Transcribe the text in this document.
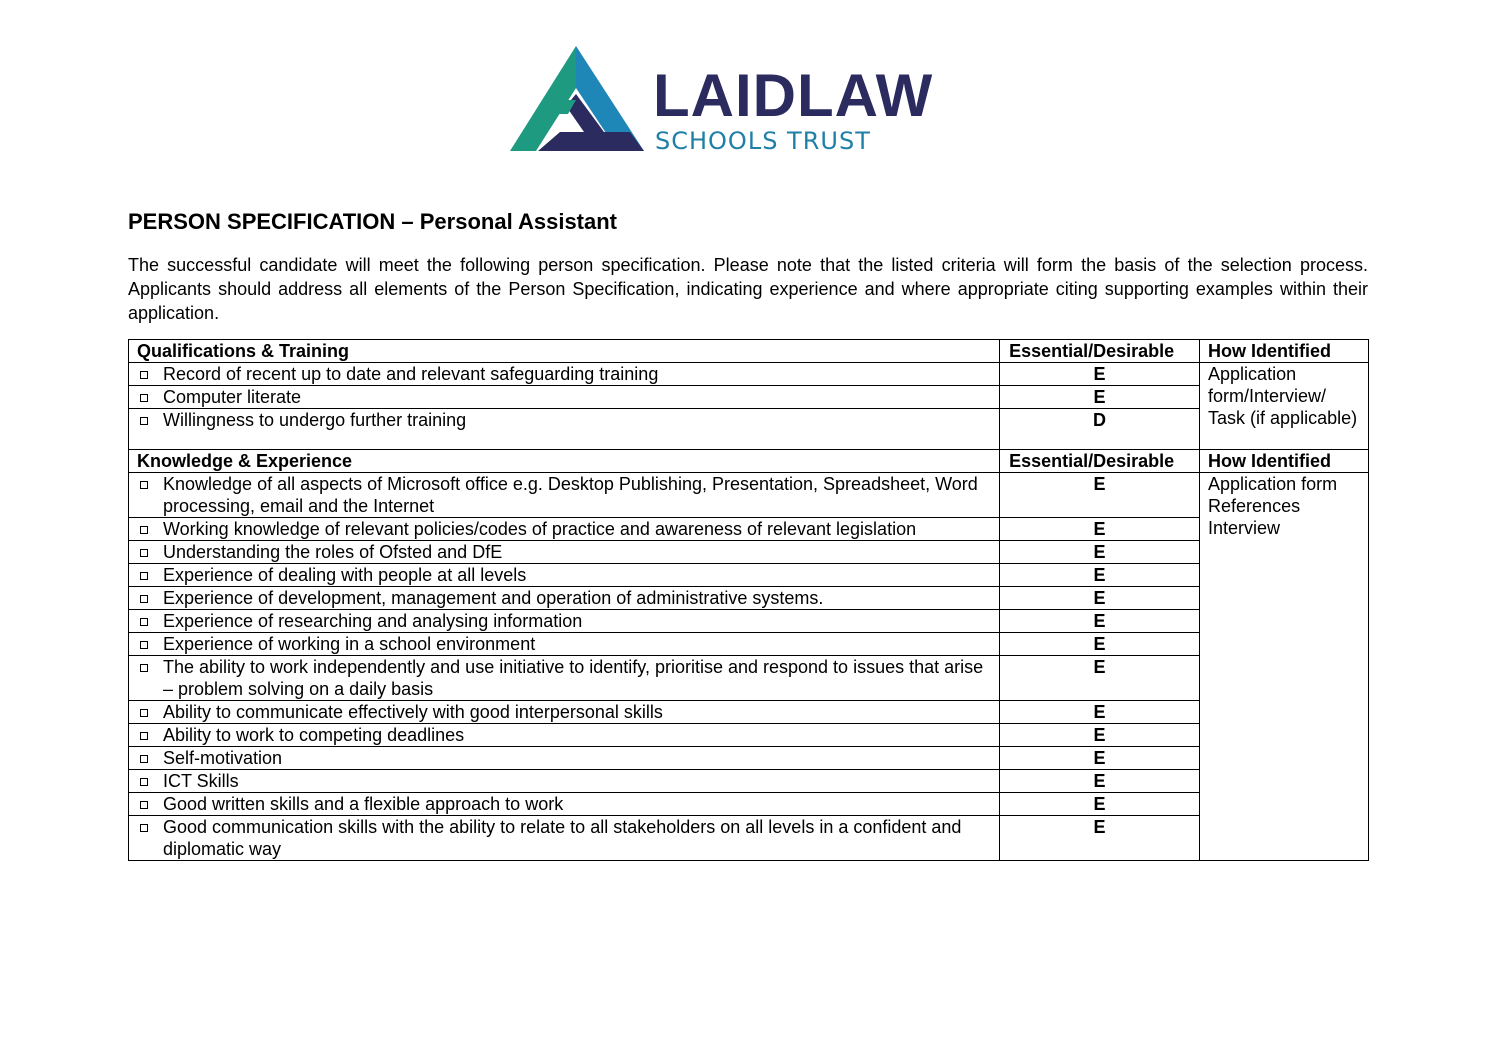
LAIDLAW
SCHOOLS TRUST
PERSON SPECIFICATION – Personal Assistant

The successful candidate will meet the following person specification. Please note that the listed criteria will form the basis of the selection process. Applicants should address all elements of the Person Specification, indicating experience and where appropriate citing supporting examples within their application.

Qualifications & Training	Essential/Desirable	How Identified

Record of recent up to date and relevant safeguarding training	E	Application form/Interview/ Task (if applicable)

Computer literate	E	

Willingness to undergo further training	D	
Knowledge & Experience	Essential/Desirable	How Identified

Knowledge of all aspects of Microsoft office e.g. Desktop Publishing, Presentation, Spreadsheet, Word processing, email and the Internet	E	Application form
References
Interview

Working knowledge of relevant policies/codes of practice and awareness of relevant legislation	E	

Understanding the roles of Ofsted and DfE	E	

Experience of dealing with people at all levels	E	

Experience of development, management and operation of administrative systems.	E	

Experience of researching and analysing information	E	

Experience of working in a school environment	E	

The ability to work independently and use initiative to identify, prioritise and respond to issues that arise – problem solving on a daily basis	E	

Ability to communicate effectively with good interpersonal skills	E	

Ability to work to competing deadlines	E	

Self-motivation	E	

ICT Skills	E	

Good written skills and a flexible approach to work	E	

Good communication skills with the ability to relate to all stakeholders on all levels in a confident and diplomatic way	E	
